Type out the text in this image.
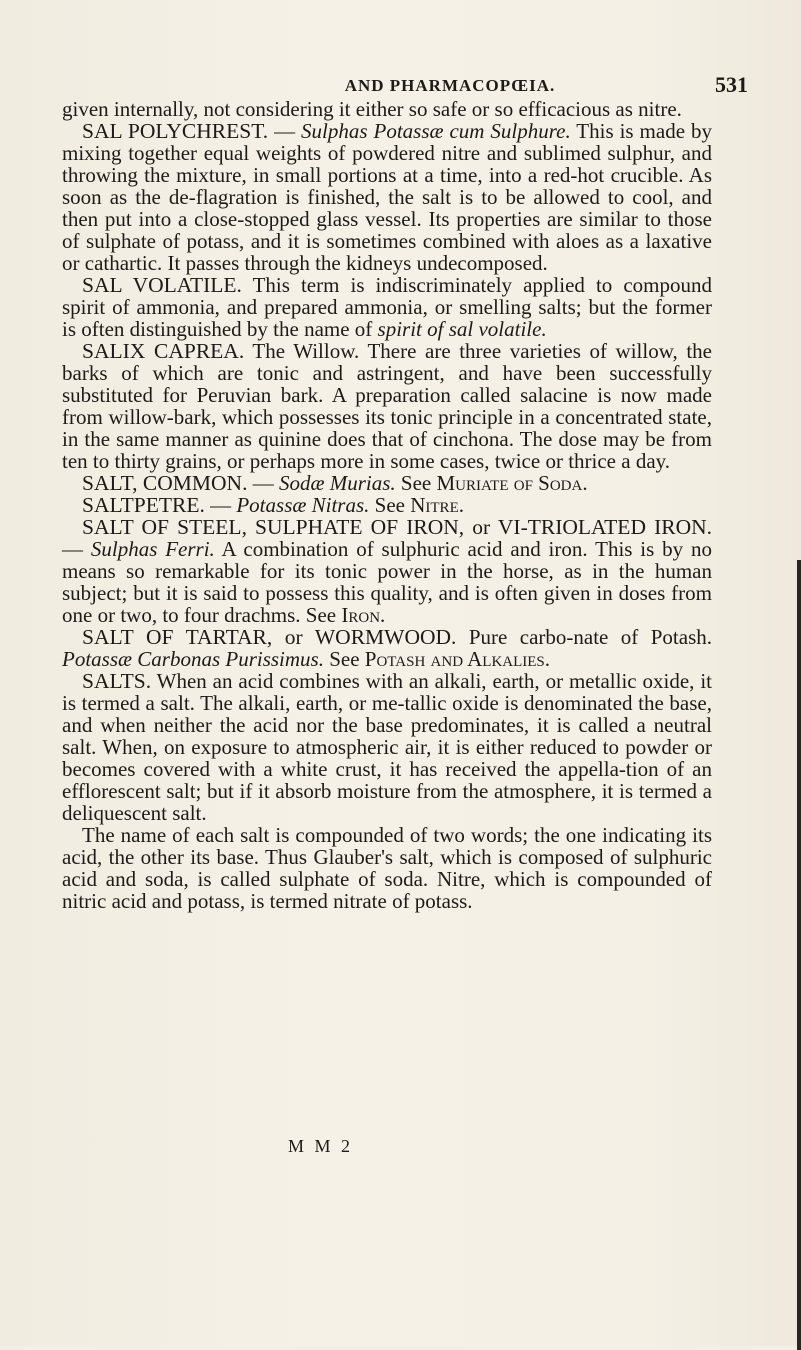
AND PHARMACOPŒIA.	531

given internally, not considering it either so safe or so efficacious as nitre.

SAL POLYCHREST. — Sulphas Potassæ cum Sulphure. This is made by mixing together equal weights of powdered nitre and sublimed sulphur, and throwing the mixture, in small portions at a time, into a red-hot crucible. As soon as the de-flagration is finished, the salt is to be allowed to cool, and then put into a close-stopped glass vessel. Its properties are similar to those of sulphate of potass, and it is sometimes combined with aloes as a laxative or cathartic. It passes through the kidneys undecomposed.

SAL VOLATILE. This term is indiscriminately applied to compound spirit of ammonia, and prepared ammonia, or smelling salts; but the former is often distinguished by the name of spirit of sal volatile.

SALIX CAPREA. The Willow. There are three varieties of willow, the barks of which are tonic and astringent, and have been successfully substituted for Peruvian bark. A preparation called salacine is now made from willow-bark, which possesses its tonic principle in a concentrated state, in the same manner as quinine does that of cinchona. The dose may be from ten to thirty grains, or perhaps more in some cases, twice or thrice a day.

SALT, COMMON. — Sodæ Murias. See Muriate of Soda.

SALTPETRE. — Potassæ Nitras. See Nitre.

SALT OF STEEL, SULPHATE OF IRON, or VI-TRIOLATED IRON. — Sulphas Ferri. A combination of sulphuric acid and iron. This is by no means so remarkable for its tonic power in the horse, as in the human subject; but it is said to possess this quality, and is often given in doses from one or two, to four drachms. See Iron.

SALT OF TARTAR, or WORMWOOD. Pure carbo-nate of Potash. Potassæ Carbonas Purissimus. See Potash and Alkalies.

SALTS. When an acid combines with an alkali, earth, or metallic oxide, it is termed a salt. The alkali, earth, or me-tallic oxide is denominated the base, and when neither the acid nor the base predominates, it is called a neutral salt. When, on exposure to atmospheric air, it is either reduced to powder or becomes covered with a white crust, it has received the appella-tion of an efflorescent salt; but if it absorb moisture from the atmosphere, it is termed a deliquescent salt.

The name of each salt is compounded of two words; the one indicating its acid, the other its base. Thus Glauber's salt, which is composed of sulphuric acid and soda, is called sulphate of soda. Nitre, which is compounded of nitric acid and potass, is termed nitrate of potass.

M M 2
